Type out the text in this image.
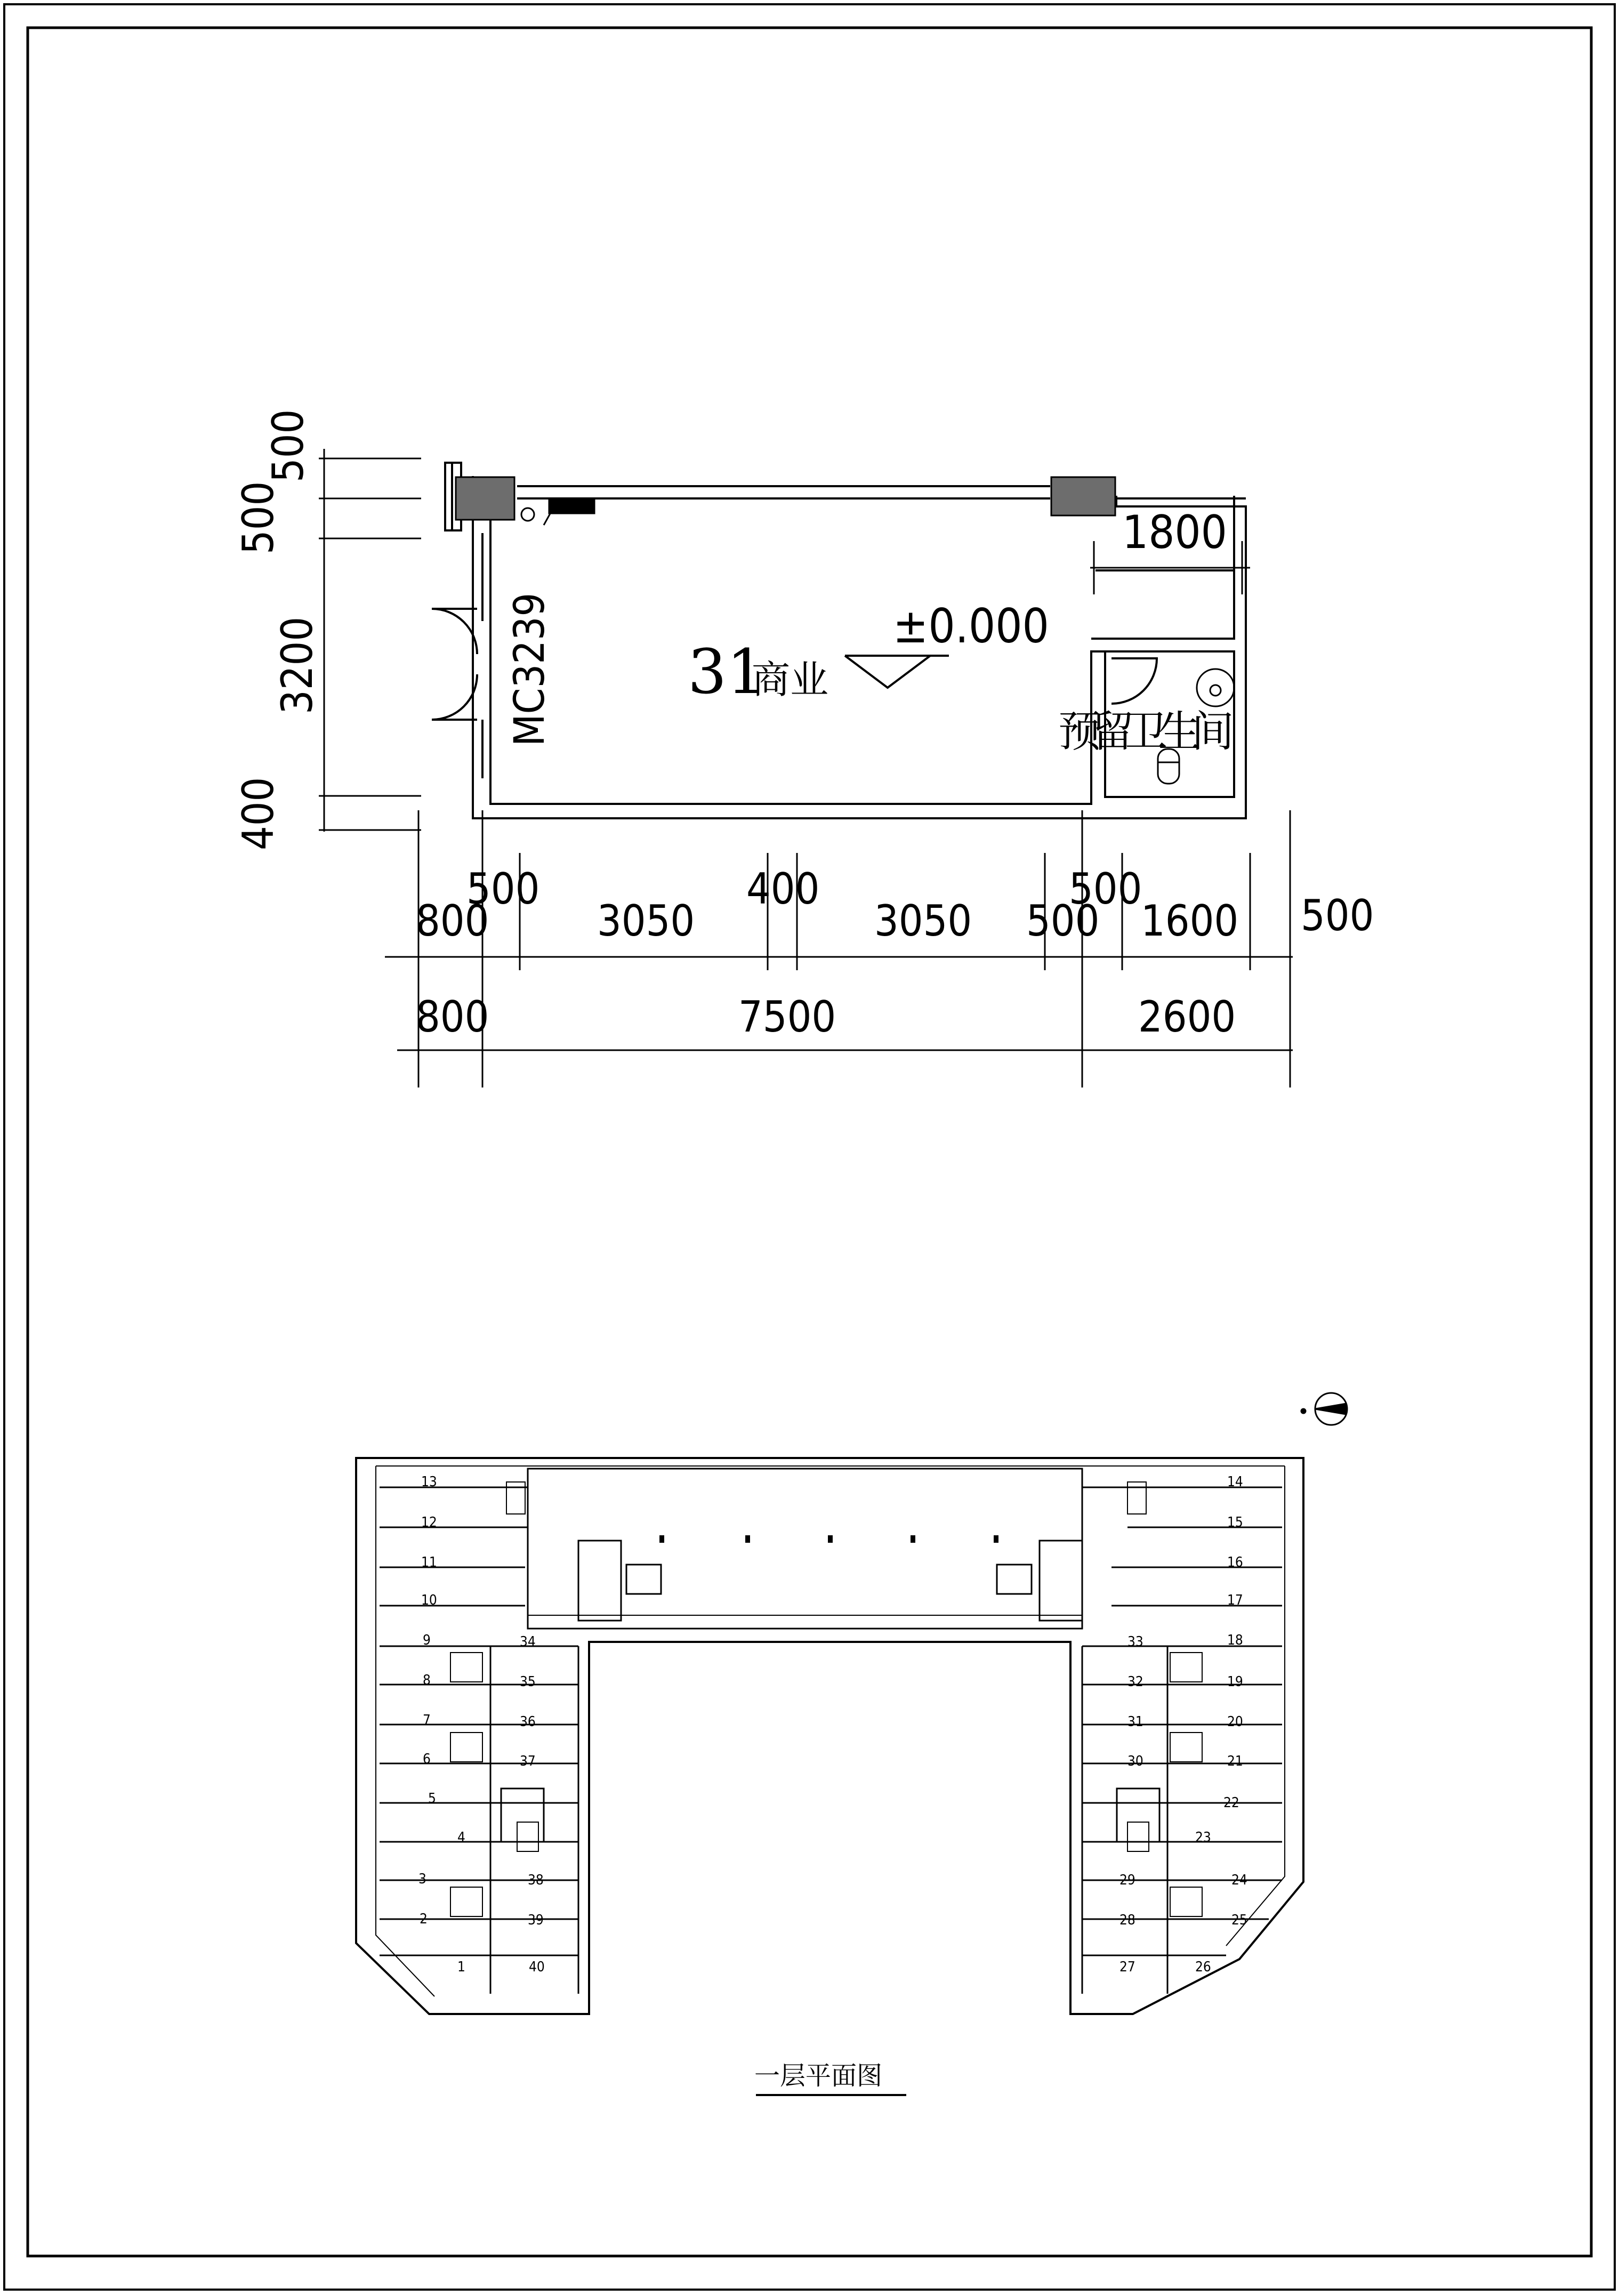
31
商业
±0.000
预留卫生间
MC3239
1800
500
500
3200
400
800
500
3050
400
3050
500
500 1600 500
800	7500	2600
13
12
11
10
9
8
7
6
5
4
3
2
1
34
35
36
37
38
39
40
14
15
16
17
18
19
20
21
22
23
24
25
26
33
32
31
30
29
28
27
一层平面图
